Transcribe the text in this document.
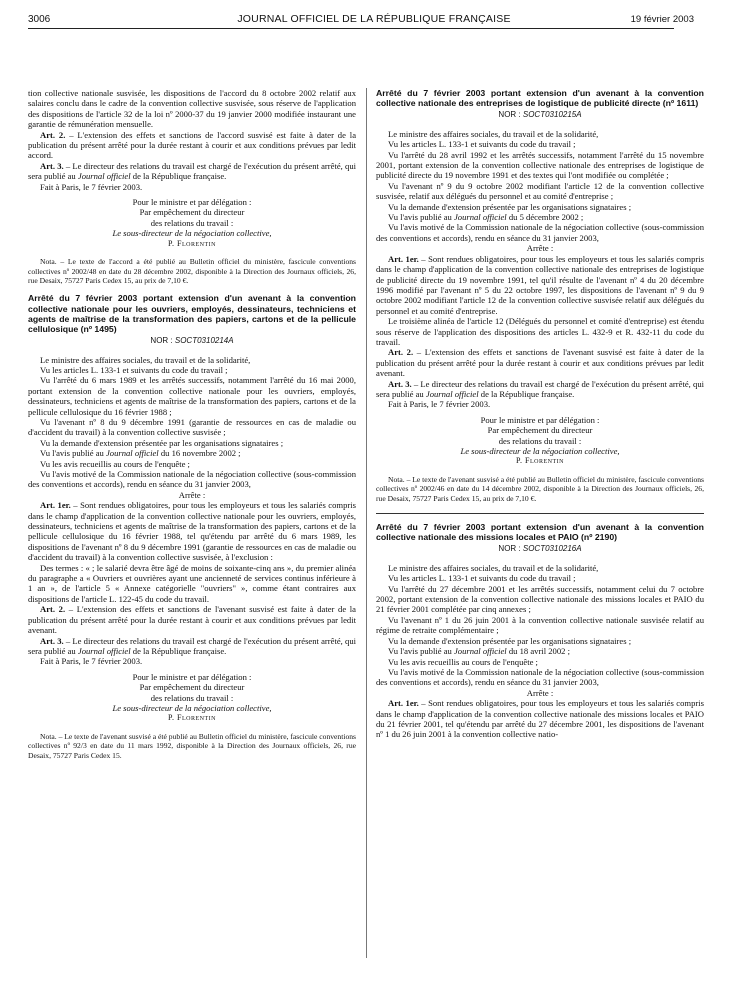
3006	JOURNAL OFFICIEL DE LA RÉPUBLIQUE FRANÇAISE	19 février 2003

tion collective nationale susvisée, les dispositions de l'accord du 8 octobre 2002 relatif aux salaires conclu dans le cadre de la convention collective susvisée, sous réserve de l'application des dispositions de l'article 32 de la loi nº 2000-37 du 19 janvier 2000 modifiée instaurant une garantie de rémunération mensuelle.

Art. 2. – L'extension des effets et sanctions de l'accord susvisé est faite à dater de la publication du présent arrêté pour la durée restant à courir et aux conditions prévues par ledit accord.

Art. 3. – Le directeur des relations du travail est chargé de l'exécution du présent arrêté, qui sera publié au Journal officiel de la République française.

Fait à Paris, le 7 février 2003.

Pour le ministre et par délégation :
Par empêchement du directeur
des relations du travail :
Le sous-directeur de la négociation collective,
P. Florentin

Nota. – Le texte de l'accord a été publié au Bulletin officiel du ministère, fascicule conventions collectives nº 2002/48 en date du 28 décembre 2002, disponible à la Direction des Journaux officiels, 26, rue Desaix, 75727 Paris Cedex 15, au prix de 7,10 €.

Arrêté du 7 février 2003 portant extension d'un avenant à la convention collective nationale pour les ouvriers, employés, dessinateurs, techniciens et agents de maîtrise de la transformation des papiers, cartons et de la pellicule cellulosique (nº 1495)
NOR : SOCT0310214A

Le ministre des affaires sociales, du travail et de la solidarité,

Vu les articles L. 133-1 et suivants du code du travail ;

Vu l'arrêté du 6 mars 1989 et les arrêtés successifs, notamment l'arrêté du 16 mai 2000, portant extension de la convention collective nationale pour les ouvriers, employés, dessinateurs, techniciens et agents de maîtrise de la transformation des papiers, cartons et de la pellicule cellulosique du 16 février 1988 ;

Vu l'avenant nº 8 du 9 décembre 1991 (garantie de ressources en cas de maladie ou d'accident du travail) à la convention collective susvisée ;

Vu la demande d'extension présentée par les organisations signataires ;

Vu l'avis publié au Journal officiel du 16 novembre 2002 ;

Vu les avis recueillis au cours de l'enquête ;

Vu l'avis motivé de la Commission nationale de la négociation collective (sous-commission des conventions et accords), rendu en séance du 31 janvier 2003,

Arrête :

Art. 1er. – Sont rendues obligatoires, pour tous les employeurs et tous les salariés compris dans le champ d'application de la convention collective nationale pour les ouvriers, employés, dessinateurs, techniciens et agents de maîtrise de la transformation des papiers, cartons et de la pellicule cellulosique du 16 février 1988, tel qu'étendu par arrêté du 6 mars 1989, les dispositions de l'avenant nº 8 du 9 décembre 1991 (garantie de ressources en cas de maladie ou d'accident du travail) à la convention collective susvisée, à l'exclusion :

Des termes : « ; le salarié devra être âgé de moins de soixante-cinq ans », du premier alinéa du paragraphe a « Ouvriers et ouvrières ayant une ancienneté de services continus inférieure à 1 an », de l'article 5 « Annexe catégorielle "ouvriers" », comme étant contraires aux dispositions de l'article L. 122-45 du code du travail.

Art. 2. – L'extension des effets et sanctions de l'avenant susvisé est faite à dater de la publication du présent arrêté pour la durée restant à courir et aux conditions prévues par ledit avenant.

Art. 3. – Le directeur des relations du travail est chargé de l'exécution du présent arrêté, qui sera publié au Journal officiel de la République française.

Fait à Paris, le 7 février 2003.

Pour le ministre et par délégation :
Par empêchement du directeur
des relations du travail :
Le sous-directeur de la négociation collective,
P. Florentin

Nota. – Le texte de l'avenant susvisé a été publié au Bulletin officiel du ministère, fascicule conventions collectives nº 92/3 en date du 11 mars 1992, disponible à la Direction des Journaux officiels, 26, rue Desaix, 75727 Paris Cedex 15.

Arrêté du 7 février 2003 portant extension d'un avenant à la convention collective nationale des entreprises de logistique de publicité directe (nº 1611)
NOR : SOCT0310215A

Le ministre des affaires sociales, du travail et de la solidarité,

Vu les articles L. 133-1 et suivants du code du travail ;

Vu l'arrêté du 28 avril 1992 et les arrêtés successifs, notamment l'arrêté du 15 novembre 2001, portant extension de la convention collective nationale des entreprises de logistique de publicité directe du 19 novembre 1991 et des textes qui l'ont modifiée ou complétée ;

Vu l'avenant nº 9 du 9 octobre 2002 modifiant l'article 12 de la convention collective susvisée, relatif aux délégués du personnel et au comité d'entreprise ;

Vu la demande d'extension présentée par les organisations signataires ;

Vu l'avis publié au Journal officiel du 5 décembre 2002 ;

Vu l'avis motivé de la Commission nationale de la négociation collective (sous-commission des conventions et accords), rendu en séance du 31 janvier 2003,

Arrête :

Art. 1er. – Sont rendues obligatoires, pour tous les employeurs et tous les salariés compris dans le champ d'application de la convention collective nationale des entreprises de logistique de publicité directe du 19 novembre 1991, tel qu'il résulte de l'avenant nº 4 du 20 décembre 1996 modifié par l'avenant nº 5 du 22 octobre 1997, les dispositions de l'avenant nº 9 du 9 octobre 2002 modifiant l'article 12 de la convention collective susvisée relatif aux délégués du personnel et au comité d'entreprise.

Le troisième alinéa de l'article 12 (Délégués du personnel et comité d'entreprise) est étendu sous réserve de l'application des dispositions des articles L. 432-9 et R. 432-11 du code du travail.

Art. 2. – L'extension des effets et sanctions de l'avenant susvisé est faite à dater de la publication du présent arrêté pour la durée restant à courir et aux conditions prévues par ledit avenant.

Art. 3. – Le directeur des relations du travail est chargé de l'exécution du présent arrêté, qui sera publié au Journal officiel de la République française.

Fait à Paris, le 7 février 2003.

Pour le ministre et par délégation :
Par empêchement du directeur
des relations du travail :
Le sous-directeur de la négociation collective,
P. Florentin

Nota. – Le texte de l'avenant susvisé a été publié au Bulletin officiel du ministère, fascicule conventions collectives nº 2002/46 en date du 14 décembre 2002, disponible à la Direction des Journaux officiels, 26, rue Desaix, 75727 Paris Cedex 15, au prix de 7,10 €.

Arrêté du 7 février 2003 portant extension d'un avenant à la convention collective nationale des missions locales et PAIO (nº 2190)
NOR : SOCT0310216A

Le ministre des affaires sociales, du travail et de la solidarité,

Vu les articles L. 133-1 et suivants du code du travail ;

Vu l'arrêté du 27 décembre 2001 et les arrêtés successifs, notamment celui du 7 octobre 2002, portant extension de la convention collective nationale des missions locales et PAIO du 21 février 2001 complétée par cinq annexes ;

Vu l'avenant nº 1 du 26 juin 2001 à la convention collective nationale susvisée relatif au régime de retraite complémentaire ;

Vu la demande d'extension présentée par les organisations signataires ;

Vu l'avis publié au Journal officiel du 18 avril 2002 ;

Vu les avis recueillis au cours de l'enquête ;

Vu l'avis motivé de la Commission nationale de la négociation collective (sous-commission des conventions et accords), rendu en séance du 31 janvier 2003,

Arrête :

Art. 1er. – Sont rendues obligatoires, pour tous les employeurs et tous les salariés compris dans le champ d'application de la convention collective nationale des missions locales et PAIO du 21 février 2001, tel qu'étendu par arrêté du 27 décembre 2001, les dispositions de l'avenant nº 1 du 26 juin 2001 à la convention collective natio-
